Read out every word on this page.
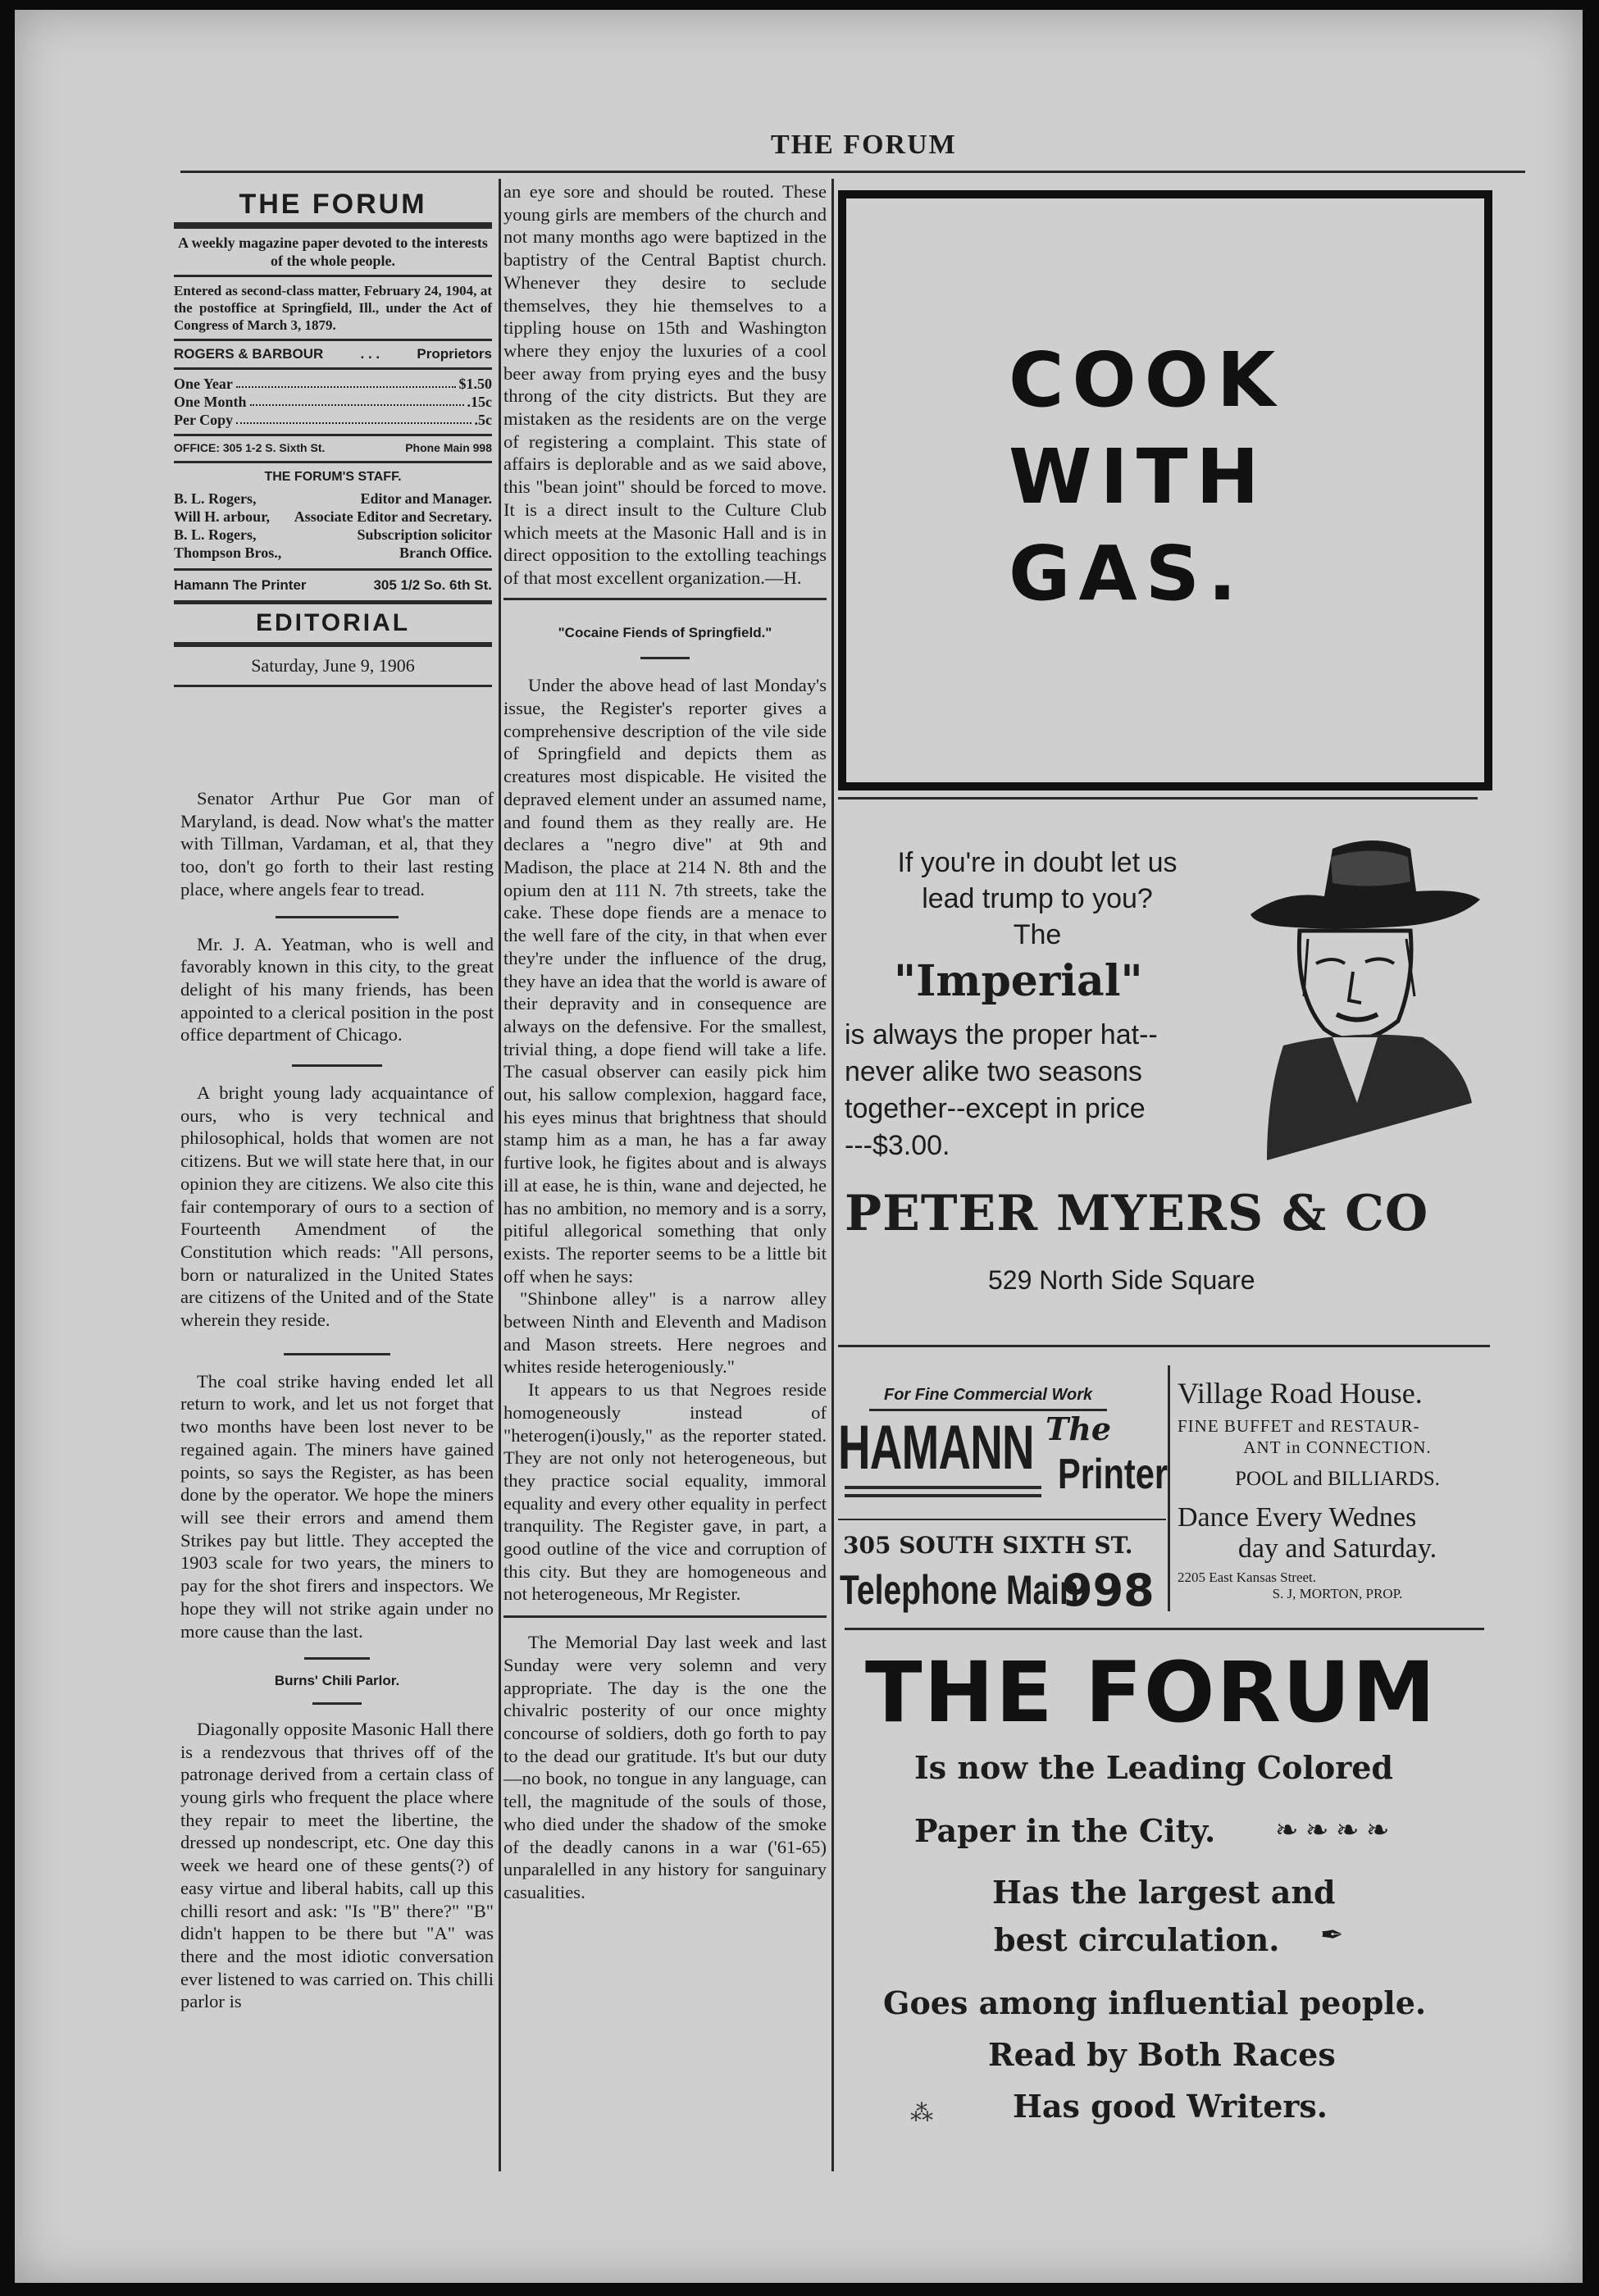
THE FORUM
THE FORUM
A weekly magazine paper devoted to the interests of the whole people.
Entered as second-class matter, February 24, 1904, at the postoffice at Springfield, Ill., under the Act of Congress of March 3, 1879.
ROGERS & BARBOUR	. . .	Proprietors
One Year	$1.50
One Month	.15c
Per Copy	.5c
OFFICE: 305 1-2 S. Sixth St.	Phone Main 998
THE FORUM'S STAFF.
B. L. Rogers,	Editor and Manager.
Will H. arbour, Associate Editor and Secretary.
B. L. Rogers,	Subscription solicitor
Thompson Bros.,	Branch Office.
Hamann The Printer	305 1/2 So. 6th St.
EDITORIAL
Saturday, June 9, 1906

Senator Arthur Pue Gor man of Maryland, is dead. Now what's the matter with Tillman, Vardaman, et al, that they too, don't go forth to their last resting place, where angels fear to tread.

Mr. J. A. Yeatman, who is well and favorably known in this city, to the great delight of his many friends, has been appointed to a clerical position in the post office department of Chicago.

A bright young lady acquaintance of ours, who is very technical and philosophical, holds that women are not citizens. But we will state here that, in our opinion they are citizens. We also cite this fair contemporary of ours to a section of Fourteenth Amendment of the Constitution which reads: "All persons, born or naturalized in the United States are citizens of the United and of the State wherein they reside.

The coal strike having ended let all return to work, and let us not forget that two months have been lost never to be regained again. The miners have gained points, so says the Register, as has been done by the operator. We hope the miners will see their errors and amend them Strikes pay but little. They accepted the 1903 scale for two years, the miners to pay for the shot firers and inspectors. We hope they will not strike again under no more cause than the last.

Burns' Chili Parlor.

Diagonally opposite Masonic Hall there is a rendezvous that thrives off of the patronage derived from a certain class of young girls who frequent the place where they repair to meet the libertine, the dressed up nondescript, etc. One day this week we heard one of these gents(?) of easy virtue and liberal habits, call up this chilli resort and ask: "Is "B" there?" "B" didn't happen to be there but "A" was there and the most idiotic conversation ever listened to was carried on. This chilli parlor is

an eye sore and should be routed. These young girls are members of the church and not many months ago were baptized in the baptistry of the Central Baptist church. Whenever they desire to seclude themselves, they hie themselves to a tippling house on 15th and Washington where they enjoy the luxuries of a cool beer away from prying eyes and the busy throng of the city districts. But they are mistaken as the residents are on the verge of registering a complaint. This state of affairs is deplorable and as we said above, this "bean joint" should be forced to move. It is a direct insult to the Culture Club which meets at the Masonic Hall and is in direct opposition to the extolling teachings of that most excellent organization.—H.

"Cocaine Fiends of Springfield."

Under the above head of last Monday's issue, the Register's reporter gives a comprehensive description of the vile side of Springfield and depicts them as creatures most dispicable. He visited the depraved element under an assumed name, and found them as they really are. He declares a "negro dive" at 9th and Madison, the place at 214 N. 8th and the opium den at 111 N. 7th streets, take the cake. These dope fiends are a menace to the well fare of the city, in that when ever they're under the influence of the drug, they have an idea that the world is aware of their depravity and in consequence are always on the defensive. For the smallest, trivial thing, a dope fiend will take a life. The casual observer can easily pick him out, his sallow complexion, haggard face, his eyes minus that brightness that should stamp him as a man, he has a far away furtive look, he figites about and is always ill at ease, he is thin, wane and dejected, he has no ambition, no memory and is a sorry, pitiful allegorical something that only exists. The reporter seems to be a little bit off when he says:

"Shinbone alley" is a narrow alley between Ninth and Eleventh and Madison and Mason streets. Here negroes and whites reside heterogeniously."

It appears to us that Negroes reside homogeneously instead of "heterogen(i)ously," as the reporter stated. They are not only not heterogeneous, but they practice social equality, immoral equality and every other equality in perfect tranquility. The Register gave, in part, a good outline of the vice and corruption of this city. But they are homogeneous and not heterogeneous, Mr Register.

The Memorial Day last week and last Sunday were very solemn and very appropriate. The day is the one the chivalric posterity of our once mighty concourse of soldiers, doth go forth to pay to the dead our gratitude. It's but our duty—no book, no tongue in any language, can tell, the magnitude of the souls of those, who died under the shadow of the smoke of the deadly canons in a war ('61-65) unparalelled in any history for sanguinary casualities.

COOK
WITH
GAS.
If you're in doubt let us
lead trump to you?
The
"Imperial"
is always the proper hat--
never alike two seasons
together--except in price
---$3.00.
PETER MYERS & CO
529 North Side Square
For Fine Commercial Work
HAMANN The
Printer
305 SOUTH SIXTH ST.
Telephone Main
998
Village Road House.
FINE BUFFET and RESTAUR-
ANT in CONNECTION.
POOL and BILLIARDS.
Dance Every Wednes
day and Saturday.
2205 East Kansas Street.
S. J, MORTON, PROP.
THE FORUM
Is now the Leading Colored
Paper in the City. ❧ ❧ ❧ ❧
Has the largest and
best circulation. ✒
Goes among influential people.
Read by Both Races
Has good Writers.
⁂
